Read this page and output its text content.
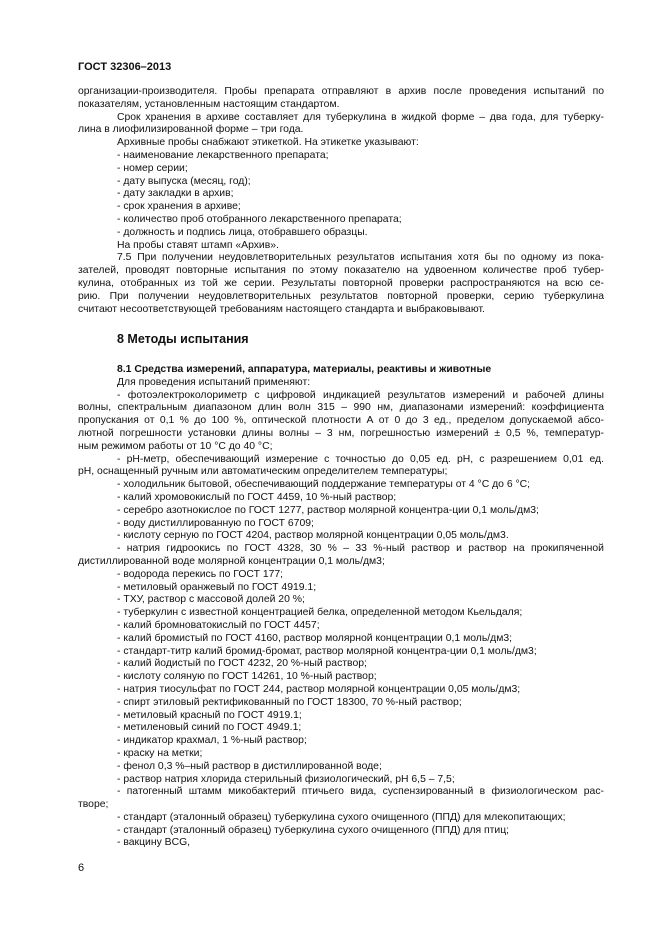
ГОСТ 32306–2013
организации-производителя. Пробы препарата отправляют в архив после проведения испытаний по
показателям, установленным настоящим стандартом.
Срок хранения в архиве составляет для туберкулина в жидкой форме – два года, для туберку-
лина в лиофилизированной форме – три года.
Архивные пробы снабжают этикеткой. На этикетке указывают:
- наименование лекарственного препарата;
- номер серии;
- дату выпуска (месяц, год);
- дату закладки в архив;
- срок хранения в архиве;
- количество проб отобранного лекарственного препарата;
- должность и подпись лица, отобравшего образцы.
На пробы ставят штамп «Архив».
7.5 При получении неудовлетворительных результатов испытания хотя бы по одному из пока-
зателей, проводят повторные испытания по этому показателю на удвоенном количестве проб тубер-
кулина, отобранных из той же серии. Результаты повторной проверки распространяются на всю се-
рию. При получении неудовлетворительных результатов повторной проверки, серию туберкулина
считают несоответствующей требованиям настоящего стандарта и выбраковывают.
8 Методы испытания
8.1 Средства измерений, аппаратура, материалы, реактивы и животные
Для проведения испытаний применяют:
- фотоэлектроколориметр с цифровой индикацией результатов измерений и рабочей длины
волны, спектральным диапазоном длин волн 315 – 990 нм, диапазонами измерений: коэффициента
пропускания от 0,1 % до 100 %, оптической плотности А от 0 до 3 ед., пределом допускаемой абсо-
лютной погрешности установки длины волны – 3 нм, погрешностью измерений ± 0,5 %, температур-
ным режимом работы от 10 °С до 40 °С;
- рН-метр, обеспечивающий измерение с точностью до 0,05 ед. рН, с разрешением 0,01 ед.
рН, оснащенный ручным или автоматическим определителем температуры;
- холодильник бытовой, обеспечивающий поддержание температуры от 4 °С до 6 °С;
- калий хромовокислый по ГОСТ 4459, 10 %-ный раствор;
- серебро азотнокислое по ГОСТ 1277, раствор молярной концентра-ции 0,1 моль/дм3;
- воду дистиллированную по ГОСТ 6709;
- кислоту серную по ГОСТ 4204, раствор молярной концентрации 0,05 моль/дм3.
- натрия гидроокись по ГОСТ 4328, 30 % – 33 %-ный раствор и раствор на прокипяченной
дистиллированной воде молярной концентрации 0,1 моль/дм3;
- водорода перекись по ГОСТ 177;
- метиловый оранжевый по ГОСТ 4919.1;
- ТХУ, раствор с массовой долей 20 %;
- туберкулин с известной концентрацией белка, определенной методом Кьельдаля;
- калий бромноватокислый по ГОСТ 4457;
- калий бромистый по ГОСТ 4160, раствор молярной концентрации 0,1 моль/дм3;
- стандарт-титр калий бромид-бромат, раствор молярной концентра-ции 0,1 моль/дм3;
- калий йодистый по ГОСТ 4232, 20 %-ный раствор;
- кислоту соляную по ГОСТ 14261, 10 %-ный раствор;
- натрия тиосульфат по ГОСТ 244, раствор молярной концентрации 0,05 моль/дм3;
- спирт этиловый ректификованный по ГОСТ 18300, 70 %-ный раствор;
- метиловый красный по ГОСТ 4919.1;
- метиленовый синий по ГОСТ 4949.1;
- индикатор крахмал, 1 %-ный раствор;
- краску на метки;
- фенол 0,3 %–ный раствор в дистиллированной воде;
- раствор натрия хлорида стерильный физиологический, рН 6,5 – 7,5;
- патогенный штамм микобактерий птичьего вида, суспензированный в физиологическом рас-
творе;
- стандарт (эталонный образец) туберкулина сухого очищенного (ППД) для млекопитающих;
- стандарт (эталонный образец) туберкулина сухого очищенного (ППД) для птиц;
- вакцину BCG,
6
